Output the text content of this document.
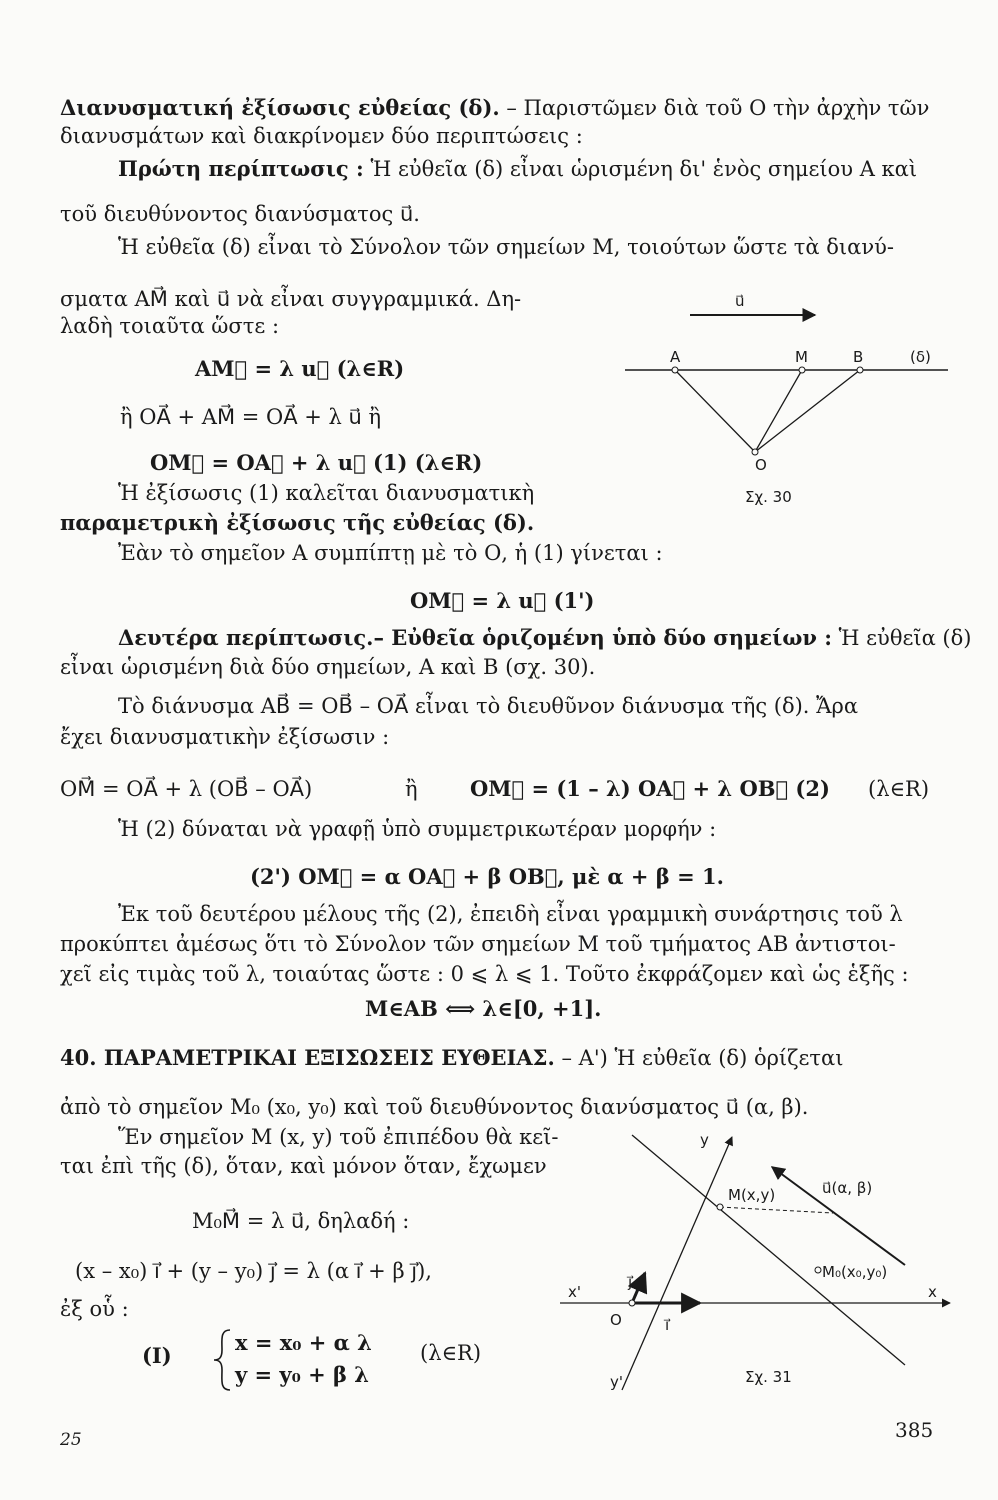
Διανυσματική ἐξίσωσις εὐθείας (δ). – Παριστῶμεν διὰ τοῦ Ο τὴν ἀρχὴν τῶν
διανυσμάτων καὶ διακρίνομεν δύο περιπτώσεις :
Πρώτη περίπτωσις : Ἡ εὐθεῖα (δ) εἶναι ὡρισμένη δι' ἑνὸς σημείου Α καὶ
τοῦ διευθύνοντος διανύσματος u⃗.
Ἡ εὐθεῖα (δ) εἶναι τὸ Σύνολον τῶν σημείων Μ, τοιούτων ὥστε τὰ διανύ-
σματα AM⃗ καὶ u⃗ νὰ εἶναι συγγραμμικά. Δη-
λαδὴ τοιαῦτα ὥστε :
AM⃗ = λ u⃗ (λ∈R)
ἢ OA⃗ + AM⃗ = OA⃗ + λ u⃗ ἢ
OM⃗ = OA⃗ + λ u⃗ (1) (λ∈R)
Ἡ ἐξίσωσις (1) καλεῖται διανυσματικὴ
παραμετρικὴ ἐξίσωσις τῆς εὐθείας (δ).
Ἐὰν τὸ σημεῖον Α συμπίπτῃ μὲ τὸ Ο, ἡ (1) γίνεται :
OM⃗ = λ u⃗ (1')
Δευτέρα περίπτωσις.– Εὐθεῖα ὁριζομένη ὑπὸ δύο σημείων : Ἡ εὐθεῖα (δ)
εἶναι ὡρισμένη διὰ δύο σημείων, Α καὶ Β (σχ. 30).
Τὸ διάνυσμα AB⃗ = OB⃗ – OA⃗ εἶναι τὸ διευθῦνον διάνυσμα τῆς (δ). Ἄρα
ἔχει διανυσματικὴν ἐξίσωσιν :
OM⃗ = OA⃗ + λ (OB⃗ – OA⃗)	ἢ OM⃗ = (1 – λ) OA⃗ + λ OB⃗ (2) (λ∈R)
Ἡ (2) δύναται νὰ γραφῇ ὑπὸ συμμετρικωτέραν μορφήν :
(2') OM⃗ = α OA⃗ + β OB⃗, μὲ α + β = 1.
Ἐκ τοῦ δευτέρου μέλους τῆς (2), ἐπειδὴ εἶναι γραμμικὴ συνάρτησις τοῦ λ
προκύπτει ἀμέσως ὅτι τὸ Σύνολον τῶν σημείων Μ τοῦ τμήματος ΑΒ ἀντιστοι-
χεῖ εἰς τιμὰς τοῦ λ, τοιαύτας ὥστε : 0 ⩽ λ ⩽ 1. Τοῦτο ἐκφράζομεν καὶ ὡς ἑξῆς :
M∈AB ⟺ λ∈[0, +1].
u⃗
A	M	B	(δ)
O
Σχ. 30
40. ΠΑΡΑΜΕΤΡΙΚΑΙ ΕΞΙΣΩΣΕΙΣ ΕΥΘΕΙΑΣ. – Α') Ἡ εὐθεῖα (δ) ὁρίζεται
ἀπὸ τὸ σημεῖον M₀ (x₀, y₀) καὶ τοῦ διευθύνοντος διανύσματος u⃗ (α, β).
Ἕν σημεῖον Μ (x, y) τοῦ ἐπιπέδου θὰ κεῖ-
ται ἐπὶ τῆς (δ), ὅταν, καὶ μόνον ὅταν, ἔχωμεν
M₀M⃗ = λ u⃗, δηλαδή :
(x – x₀) i⃗ + (y – y₀) j⃗ = λ (α i⃗ + β j⃗),
ἐξ οὗ :
(Ι)
x = x₀ + α λ
y = y₀ + β λ
(λ∈R)
y
y'
x
x'
O	i⃗
j⃗
M(x,y)	u⃗(α, β)
M₀(x₀,y₀)
Σχ. 31
25	385
